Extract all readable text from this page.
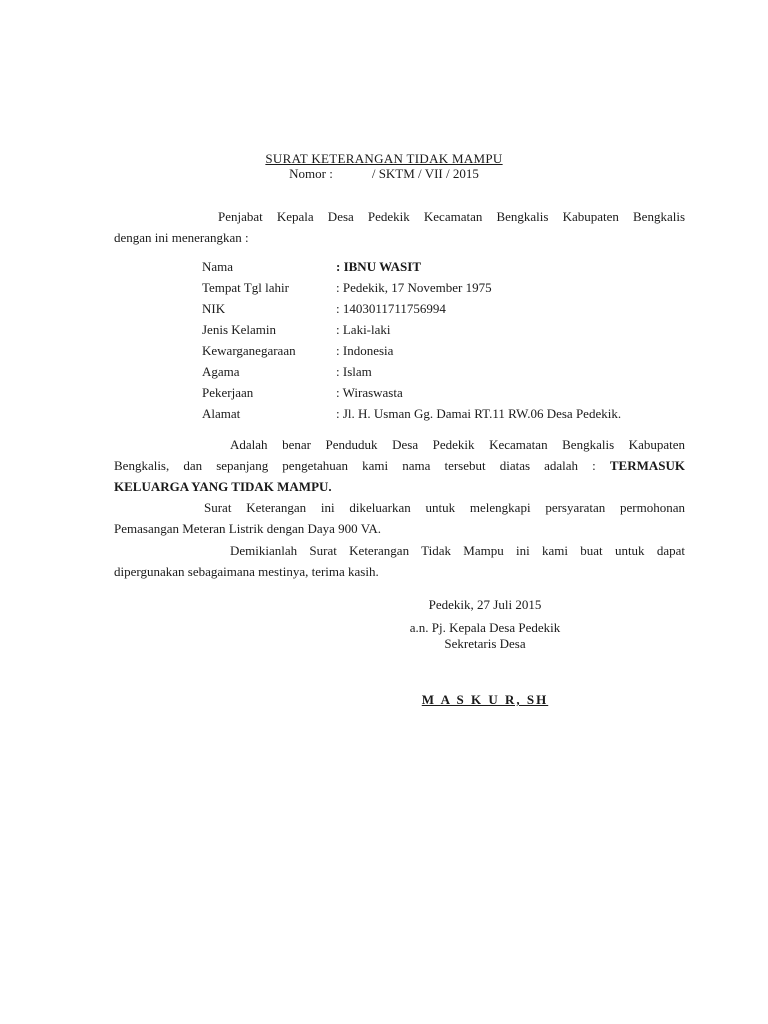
SURAT KETERANGAN TIDAK MAMPU
Nomor :            / SKTM / VII / 2015
Penjabat Kepala Desa Pedekik Kecamatan Bengkalis Kabupaten Bengkalis
dengan ini menerangkan :
Nama	: IBNU WASIT
Tempat Tgl lahir	: Pedekik, 17 November 1975
NIK	: 1403011711756994
Jenis Kelamin	: Laki-laki
Kewarganegaraan	: Indonesia
Agama	: Islam
Pekerjaan	: Wiraswasta
Alamat	: Jl. H. Usman Gg. Damai RT.11 RW.06 Desa Pedekik.
Adalah benar Penduduk Desa Pedekik Kecamatan Bengkalis Kabupaten
Bengkalis, dan sepanjang pengetahuan kami nama tersebut diatas adalah : TERMASUK
KELUARGA YANG TIDAK MAMPU.
Surat Keterangan ini dikeluarkan untuk melengkapi persyaratan permohonan
Pemasangan Meteran Listrik dengan Daya 900 VA.
Demikianlah Surat Keterangan Tidak Mampu ini kami buat untuk dapat
dipergunakan sebagaimana mestinya, terima kasih.
Pedekik, 27 Juli 2015
a.n. Pj. Kepala Desa Pedekik
Sekretaris Desa
M A S K U R, SH
